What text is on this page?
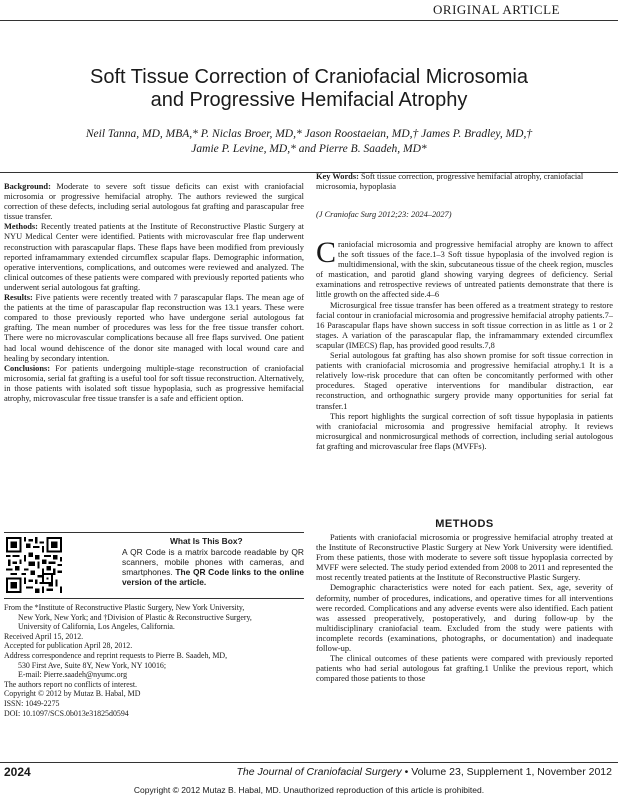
ORIGINAL ARTICLE
Soft Tissue Correction of Craniofacial Microsomia
and Progressive Hemifacial Atrophy
Neil Tanna, MD, MBA,* P. Niclas Broer, MD,* Jason Roostaeian, MD,† James P. Bradley, MD,†
Jamie P. Levine, MD,* and Pierre B. Saadeh, MD*

Background: Moderate to severe soft tissue deficits can exist with craniofacial microsomia or progressive hemifacial atrophy. The authors reviewed the surgical correction of these defects, including serial autologous fat grafting and parascapular free tissue transfer.

Methods: Recently treated patients at the Institute of Reconstructive Plastic Surgery at NYU Medical Center were identified. Patients with microvascular free flap underwent reconstruction with parascapular flaps. These flaps have been modified from previously reported inframammary extended circumflex scapular flaps. Demographic information, operative interventions, complications, and outcomes were reviewed and analyzed. The clinical outcomes of these patients were compared with previously reported patients who underwent serial autologous fat grafting.

Results: Five patients were recently treated with 7 parascapular flaps. The mean age of the patients at the time of parascapular flap reconstruction was 13.1 years. These were compared to those previously reported who have undergone serial autologous fat grafting. The mean number of procedures was less for the free tissue transfer cohort. There were no microvascular complications because all free flaps survived. One patient had local wound dehiscence of the donor site managed with local wound care and healing by secondary intention.

Conclusions: For patients undergoing multiple-stage reconstruction of craniofacial microsomia, serial fat grafting is a useful tool for soft tissue reconstruction. Alternatively, in those patients with isolated soft tissue hypoplasia, such as progressive hemifacial atrophy, microvascular free tissue transfer is a safe and efficient option.

Key Words: Soft tissue correction, progressive hemifacial atrophy, craniofacial microsomia, hypoplasia
(J Craniofac Surg 2012;23: 2024–2027)

Craniofacial microsomia and progressive hemifacial atrophy are known to affect the soft tissues of the face.1–3 Soft tissue hypoplasia of the involved region is multidimensional, with the skin, subcutaneous tissue of the cheek region, muscles of mastication, and parotid gland showing varying degrees of deficiency. Serial examinations and retrospective reviews of untreated patients demonstrate that there is little growth on the affected side.4–6

Microsurgical free tissue transfer has been offered as a treatment strategy to restore facial contour in craniofacial microsomia and progressive hemifacial atrophy patients.7–16 Parascapular flaps have shown success in soft tissue correction in as little as 1 or 2 stages. A variation of the parascapular flap, the inframammary extended circumflex scapular (IMECS) flap, has provided good results.7,8

Serial autologous fat grafting has also shown promise for soft tissue correction in patients with craniofacial microsomia and progressive hemifacial atrophy.1 It is a relatively low-risk procedure that can often be concomitantly performed with other procedures. Staged operative interventions for mandibular distraction, ear reconstruction, and orthognathic surgery provide many opportunities for serial fat transfer.1

This report highlights the surgical correction of soft tissue hypoplasia in patients with craniofacial microsomia and progressive hemifacial atrophy. It reviews microsurgical and nonmicrosurgical methods of correction, including serial autologous fat grafting and microvascular free flaps (MVFFs).

METHODS

Patients with craniofacial microsomia or progressive hemifacial atrophy treated at the Institute of Reconstructive Plastic Surgery at New York University were identified. From these patients, those with moderate to severe soft tissue hypoplasia corrected by MVFF were selected. The study period extended from 2008 to 2011 and represented the most recently treated patients at the Institute of Reconstructive Plastic Surgery.

Demographic characteristics were noted for each patient. Sex, age, severity of deformity, number of procedures, indications, and operative times for all interventions were recorded. Complications and any adverse events were also identified. Each patient was assessed preoperatively, postoperatively, and during follow-up by the multidisciplinary craniofacial team. Excluded from the study were patients with incomplete records (examinations, photographs, or documentation) and inadequate follow-up.

The clinical outcomes of these patients were compared with previously reported patients who had serial autologous fat grafting.1 Unlike the previous report, which compared those patients to those

What Is This Box?
A QR Code is a matrix barcode readable by QR scanners, mobile phones with cameras, and smartphones. The QR Code links to the online version of the article.
From the *Institute of Reconstructive Plastic Surgery, New York University,
New York, New York; and †Division of Plastic & Reconstructive Surgery,
University of California, Los Angeles, California.
Received April 15, 2012.
Accepted for publication April 28, 2012.
Address correspondence and reprint requests to Pierre B. Saadeh, MD,
530 First Ave, Suite 8Y, New York, NY 10016;
E-mail: Pierre.saadeh@nyumc.org
The authors report no conflicts of interest.
Copyright © 2012 by Mutaz B. Habal, MD
ISSN: 1049-2275
DOI: 10.1097/SCS.0b013e31825d0594
2024	The Journal of Craniofacial Surgery • Volume 23, Supplement 1, November 2012
Copyright © 2012 Mutaz B. Habal, MD. Unauthorized reproduction of this article is prohibited.
